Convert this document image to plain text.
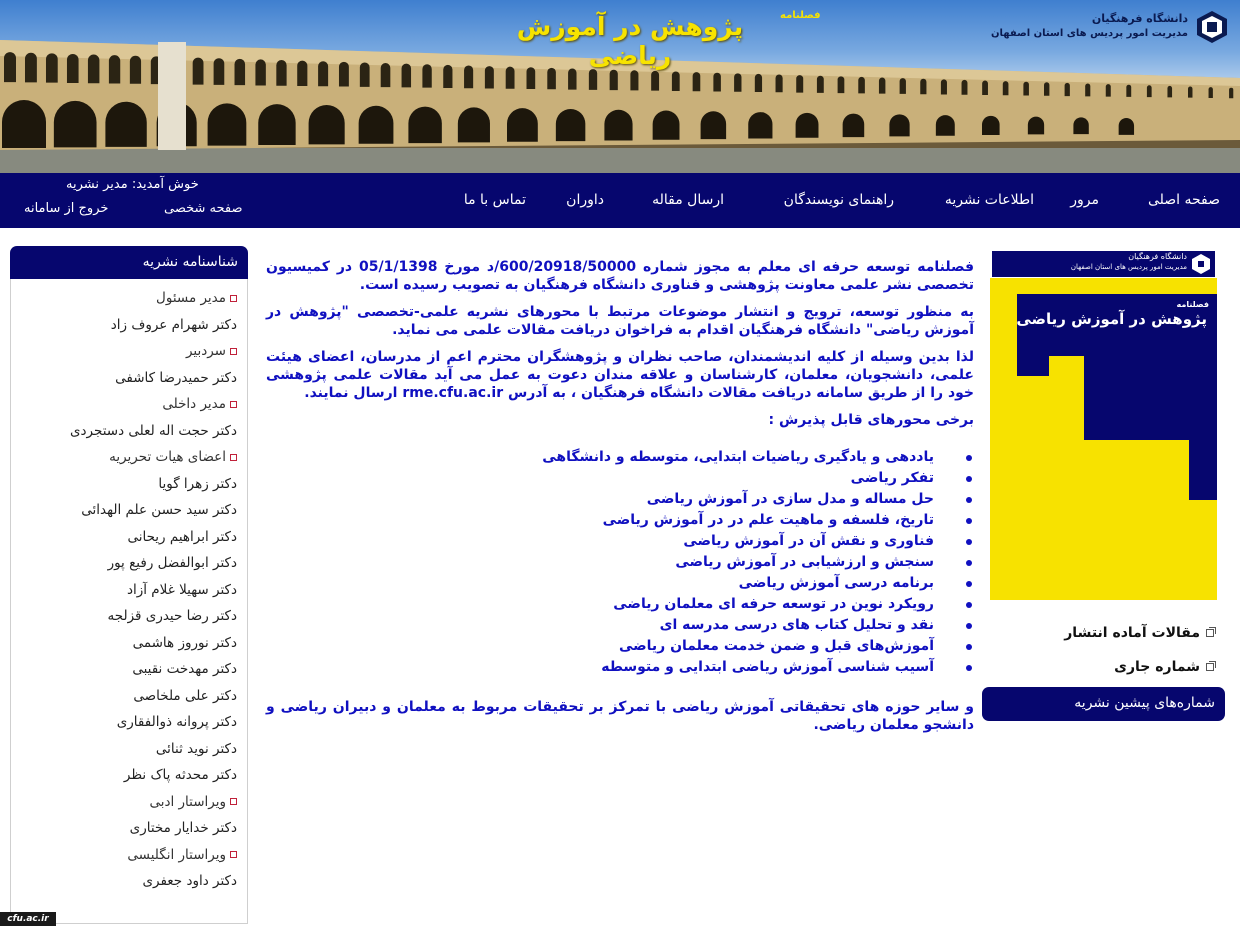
فصلنامه
پژوهش در آموزش ریاضی
دانشگاه فرهنگیان
مدیریت امور پردیس های استان اصفهان
صفحه اصلی
مرور
اطلاعات نشریه
راهنمای نویسندگان
ارسال مقاله
داوران
تماس با ما
خوش آمدید: مدیر نشریه
صفحه شخصی
خروج از سامانه
شناسنامه نشریه
مدیر مسئول
دکتر شهرام عروف زاد
سردبیر
دکتر حمیدرضا کاشفی
مدیر داخلی
دکتر حجت اله لعلی دستجردی
اعضای هیات تحریریه
دکتر زهرا گویا
دکتر سید حسن علم الهدائی
دکتر ابراهیم ریحانی
دکتر ابوالفضل رفیع پور
دکتر سهیلا غلام آزاد
دکتر رضا حیدری قزلجه
دکتر نوروز هاشمی
دکتر مهدخت نقیبی
دکتر علی ملخاصی
دکتر پروانه ذوالفقاری
دکتر نوید ثنائی
دکتر محدثه پاک نظر
ویراستار ادبی
دکتر خدایار مختاری
ویراستار انگلیسی
دکتر داود جعفری

فصلنامه توسعه حرفه ای معلم به مجوز شماره 600/20918/50000/د مورخ 05/1/1398 در کمیسیون تخصصی نشر علمی معاونت پژوهشی و فناوری دانشگاه فرهنگیان به تصویب رسیده است.

به منظور توسعه، ترویج و انتشار موضوعات مرتبط با محورهای نشریه علمی-تخصصی "پژوهش در آموزش ریاضی" دانشگاه فرهنگیان اقدام به فراخوان دریافت مقالات علمی می نماید.

لذا بدین وسیله از کلیه اندیشمندان، صاحب نظران و پژوهشگران محترم اعم از مدرسان، اعضای هیئت علمی، دانشجویان، معلمان، کارشناسان و علاقه مندان دعوت به عمل می آید مقالات علمی پژوهشی خود را از طریق سامانه دریافت مقالات دانشگاه فرهنگیان ، به آدرس rme.cfu.ac.ir ارسال نمایند.

برخی محورهای قابل پذیرش :

یاددهی و یادگیری ریاضیات ابتدایی، متوسطه و دانشگاهی
تفکر ریاضی
حل مساله و مدل سازی در آموزش ریاضی
تاریخ، فلسفه و ماهیت علم در در آموزش ریاضی
فناوری و نقش آن در آموزش ریاضی
سنجش و ارزشیابی در آموزش ریاضی
برنامه درسی آموزش ریاضی
رویکرد نوین در توسعه حرفه ای معلمان ریاضی
نقد و تحلیل کتاب های درسی مدرسه ای
آموزش‌های قبل و ضمن خدمت معلمان ریاضی
آسیب شناسی آموزش ریاضی ابتدایی و متوسطه

و سایر حوزه های تحقیقاتی آموزش ریاضی با تمرکز بر تحقیقات مربوط به معلمان و دبیران ریاضی و دانشجو معلمان ریاضی.

دانشگاه فرهنگیان
مدیریت امور پردیس های استان اصفهان
فصلنامه
پژوهش در آموزش ریاضی
مقالات آماده انتشار
شماره جاری
شماره‌های پیشین نشریه
cfu.ac.ir
